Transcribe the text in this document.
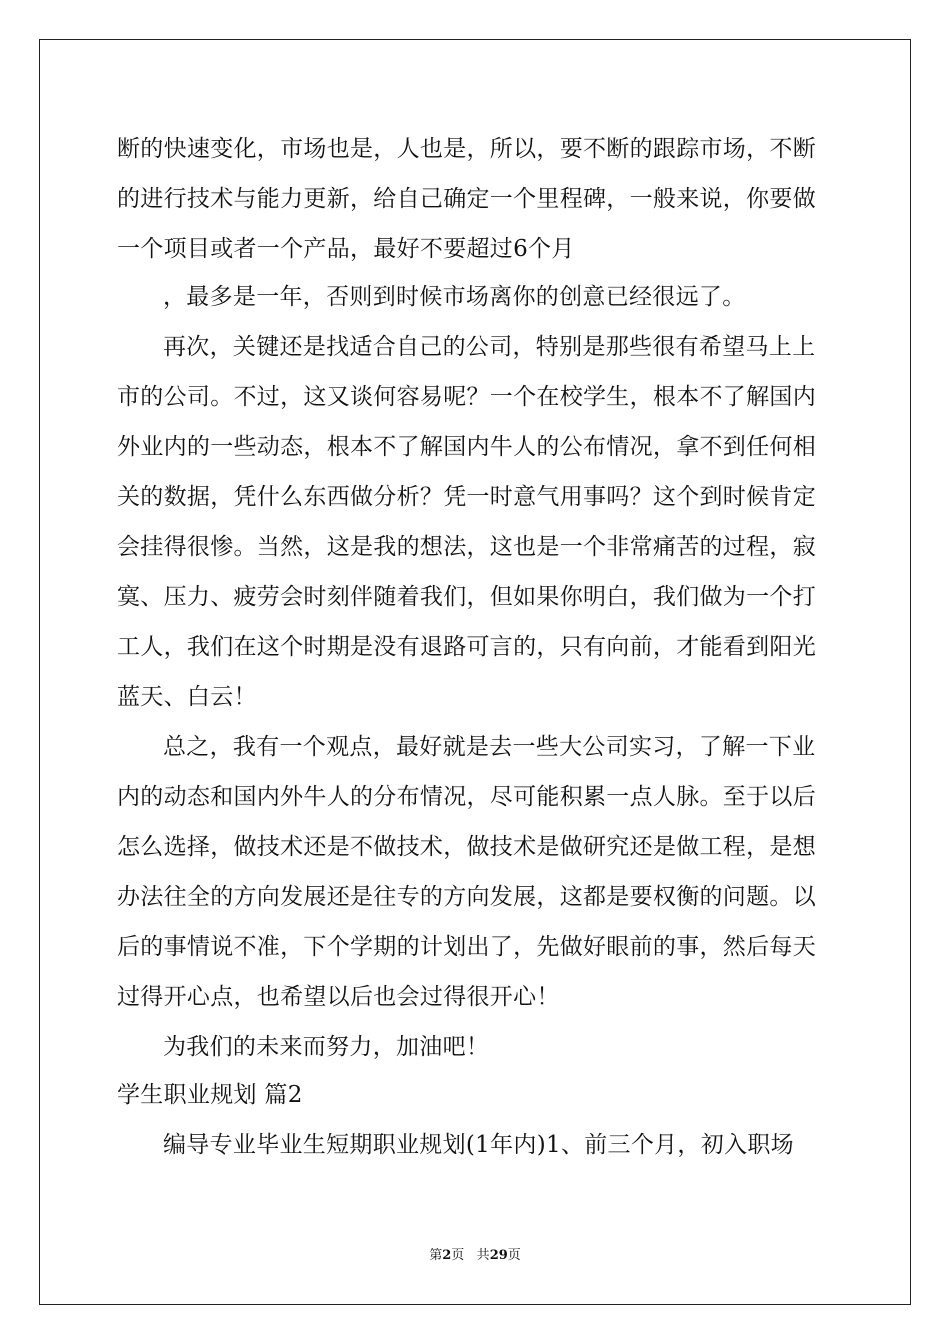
断的快速变化，市场也是，人也是，所以，要不断的跟踪市场，不断
的进行技术与能力更新，给自己确定一个里程碑，一般来说，你要做
一个项目或者一个产品，最好不要超过6个月
，最多是一年，否则到时候市场离你的创意已经很远了。
再次，关键还是找适合自己的公司，特别是那些很有希望马上上
市的公司。不过，这又谈何容易呢？一个在校学生，根本不了解国内
外业内的一些动态，根本不了解国内牛人的公布情况，拿不到任何相
关的数据，凭什么东西做分析？凭一时意气用事吗？这个到时候肯定
会挂得很惨。当然，这是我的想法，这也是一个非常痛苦的过程，寂
寞、压力、疲劳会时刻伴随着我们，但如果你明白，我们做为一个打
工人，我们在这个时期是没有退路可言的，只有向前，才能看到阳光
蓝天、白云！
总之，我有一个观点，最好就是去一些大公司实习，了解一下业
内的动态和国内外牛人的分布情况，尽可能积累一点人脉。至于以后
怎么选择，做技术还是不做技术，做技术是做研究还是做工程，是想
办法往全的方向发展还是往专的方向发展，这都是要权衡的问题。以
后的事情说不准，下个学期的计划出了，先做好眼前的事，然后每天
过得开心点，也希望以后也会过得很开心！
为我们的未来而努力，加油吧！
学生职业规划 篇2
编导专业毕业生短期职业规划(1年内)1、前三个月，初入职场
第2页 共29页
